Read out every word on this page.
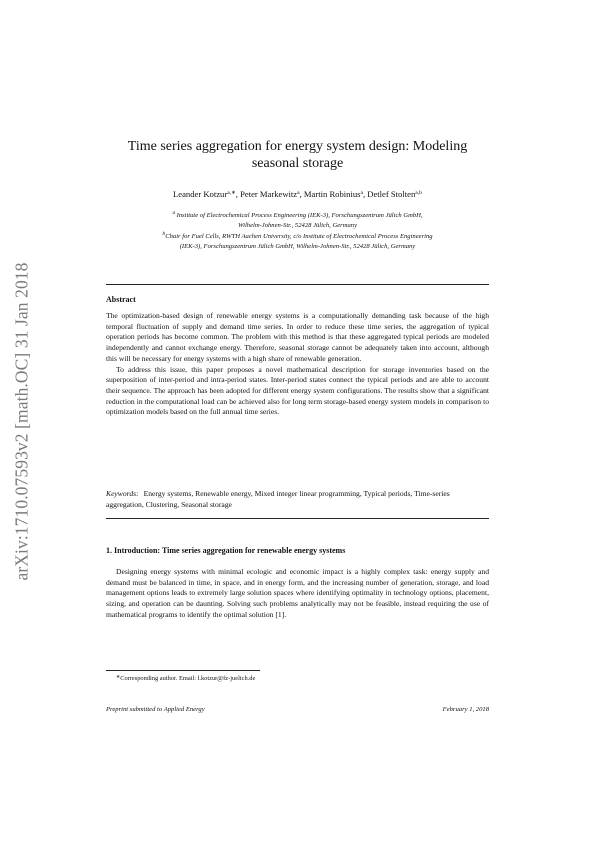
arXiv:1710.07593v2 [math.OC] 31 Jan 2018
Time series aggregation for energy system design: Modeling seasonal storage
Leander Kotzur$^{a,∗}$, Peter Markewitz$^a$, Martin Robinius$^a$, Detlef Stolten$^{a,b}$
$^a$ Institute of Electrochemical Process Engineering (IEK-3), Forschungszentrum Jülich GmbH,
Wilhelm-Johnen-Str., 52428 Jülich, Germany
$^b$Chair for Fuel Cells, RWTH Aachen University, c/o Institute of Electrochemical Process Engineering
(IEK-3), Forschungszentrum Jülich GmbH, Wilhelm-Johnen-Str., 52428 Jülich, Germany
Abstract

The optimization-based design of renewable energy systems is a computationally demanding task because of the high temporal fluctuation of supply and demand time series. In order to reduce these time series, the aggregation of typical operation periods has become common. The problem with this method is that these aggregated typical periods are modeled independently and cannot exchange energy. Therefore, seasonal storage cannot be adequately taken into account, although this will be necessary for energy systems with a high share of renewable generation.

To address this issue, this paper proposes a novel mathematical description for storage inventories based on the superposition of inter-period and intra-period states. Inter-period states connect the typical periods and are able to account their sequence. The approach has been adopted for different energy system configurations. The results show that a significant reduction in the computational load can be achieved also for long term storage-based energy system models in comparison to optimization models based on the full annual time series.

Keywords: Energy systems, Renewable energy, Mixed integer linear programming, Typical periods, Time-series aggregation, Clustering, Seasonal storage
1. Introduction: Time series aggregation for renewable energy systems

Designing energy systems with minimal ecologic and economic impact is a highly complex task: energy supply and demand must be balanced in time, in space, and in energy form, and the increasing number of generation, storage, and load management options leads to extremely large solution spaces where identifying optimality in technology options, placement, sizing, and operation can be daunting. Solving such problems analytically may not be feasible, instead requiring the use of mathematical programs to identify the optimal solution [1].

∗Corresponding author. Email: l.kotzur@fz-juelich.de
Preprint submitted to Applied Energy	February 1, 2018
